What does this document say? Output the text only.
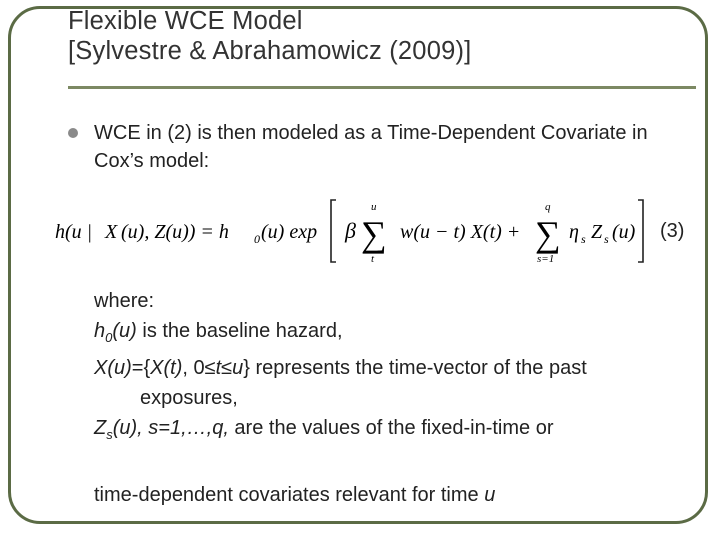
Flexible WCE Model
[Sylvestre & Abrahamowicz (2009)]
WCE in (2) is then modeled as a Time-Dependent Covariate in Cox’s model:
h(u | X (u), Z(u)) = h 0 (u) exp β
u
∑
t
w(u − t) X(t) +
q
∑
s=1
η s Z s (u) (3)
where:
$h_0(u)$ is the baseline hazard,
X(u)={X(t), 0≤t≤u} represents the time-vector of the past
exposures,
$Z_s(u)$, s=1,…,q, are the values of the fixed-in-time or
time-dependent covariates relevant for time u
